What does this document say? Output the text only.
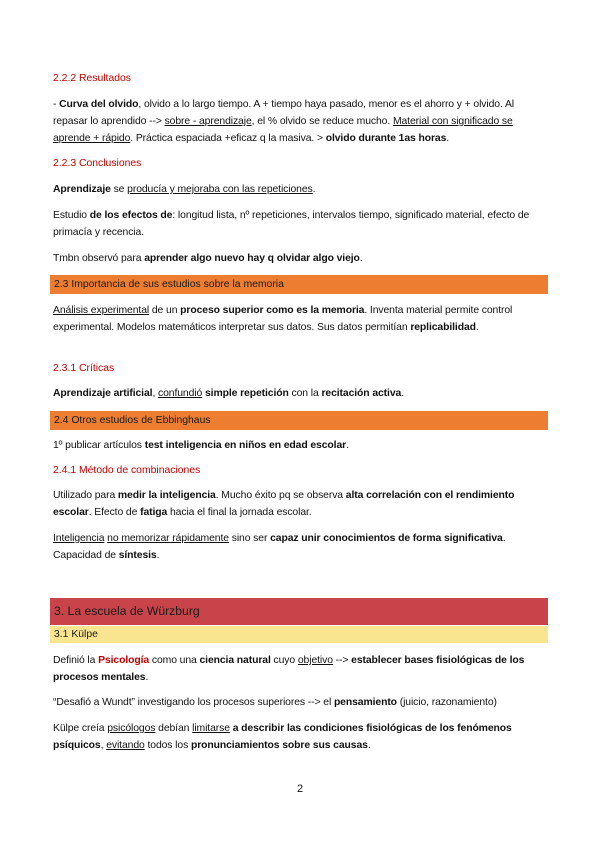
2.2.2 Resultados
- Curva del olvido, olvido a lo largo tiempo. A + tiempo haya pasado, menor es el ahorro y + olvido. Al repasar lo aprendido --> sobre - aprendizaje, el % olvido se reduce mucho. Material con significado se aprende + rápido. Práctica espaciada +eficaz q la masiva. > olvido durante 1as horas.
2.2.3 Conclusiones
Aprendizaje se producía y mejoraba con las repeticiones.
Estudio de los efectos de: longitud lista, nº repeticiones, intervalos tiempo, significado material, efecto de primacía y recencia.
Tmbn observó para aprender algo nuevo hay q olvidar algo viejo.
2.3 Importancia de sus estudios sobre la memoria
Análisis experimental de un proceso superior como es la memoria. Inventa material permite control experimental. Modelos matemáticos interpretar sus datos. Sus datos permitían replicabilidad.
2.3.1 Críticas
Aprendizaje artificial, confundió simple repetición con la recitación activa.
2.4 Otros estudios de Ebbinghaus
1º publicar artículos test inteligencia en niños en edad escolar.
2.4.1 Método de combinaciones
Utilizado para medir la inteligencia. Mucho éxito pq se observa alta correlación con el rendimiento escolar. Efecto de fatiga hacia el final la jornada escolar.
Inteligencia no memorizar rápidamente sino ser capaz unir conocimientos de forma significativa. Capacidad de síntesis.
3. La escuela de Würzburg
3.1 Külpe
Definió la Psicología como una ciencia natural cuyo objetivo --> establecer bases fisiológicas de los procesos mentales.
“Desafió a Wundt” investigando los procesos superiores --> el pensamiento (juicio, razonamiento)
Külpe creía psicólogos debían limitarse a describir las condiciones fisiológicas de los fenómenos psíquicos, evitando todos los pronunciamientos sobre sus causas.
2
